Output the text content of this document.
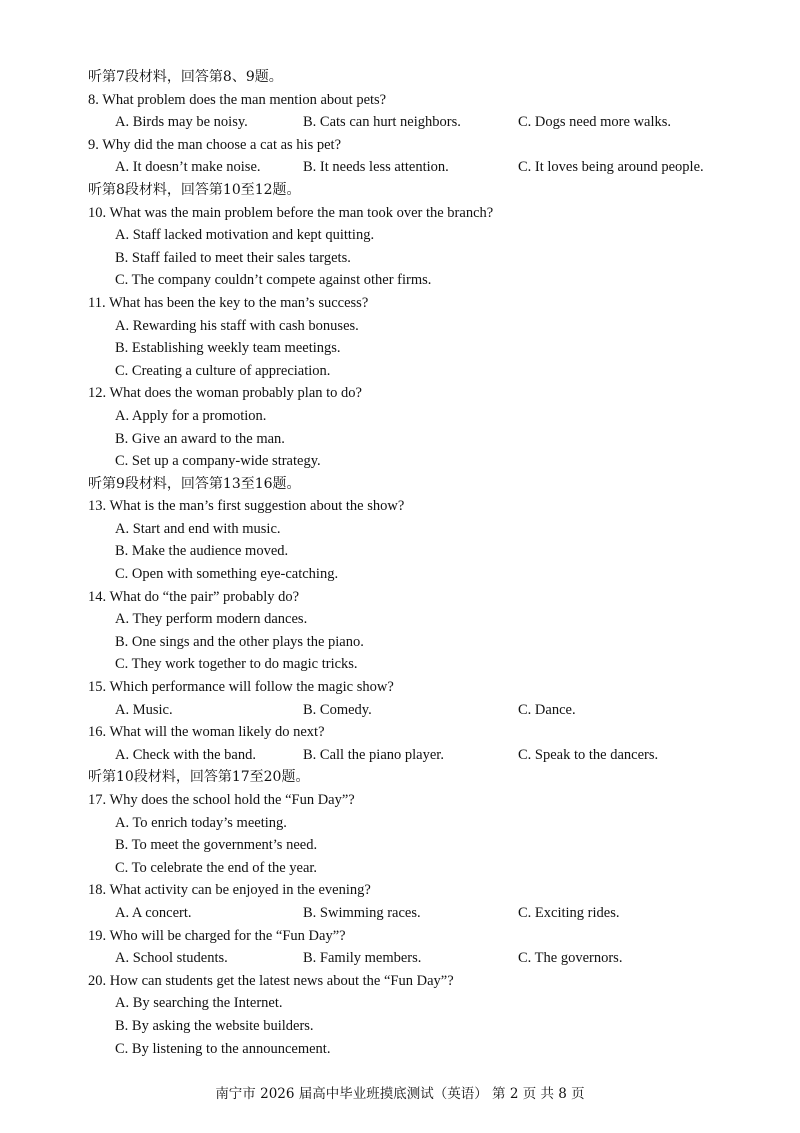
听第7段材料，回答第8、9题。
8. What problem does the man mention about pets?
A. Birds may be noisy.	B. Cats can hurt neighbors.	C. Dogs need more walks.
9. Why did the man choose a cat as his pet?
A. It doesn’t make noise.	B. It needs less attention.	C. It loves being around people.
听第8段材料，回答第10至12题。
10. What was the main problem before the man took over the branch?
A. Staff lacked motivation and kept quitting.
B. Staff failed to meet their sales targets.
C. The company couldn’t compete against other firms.
11. What has been the key to the man’s success?
A. Rewarding his staff with cash bonuses.
B. Establishing weekly team meetings.
C. Creating a culture of appreciation.
12. What does the woman probably plan to do?
A. Apply for a promotion.
B. Give an award to the man.
C. Set up a company-wide strategy.
听第9段材料，回答第13至16题。
13. What is the man’s first suggestion about the show?
A. Start and end with music.
B. Make the audience moved.
C. Open with something eye-catching.
14. What do “the pair” probably do?
A. They perform modern dances.
B. One sings and the other plays the piano.
C. They work together to do magic tricks.
15. Which performance will follow the magic show?
A. Music.	B. Comedy.	C. Dance.
16. What will the woman likely do next?
A. Check with the band.	B. Call the piano player.	C. Speak to the dancers.
听第10段材料，回答第17至20题。
17. Why does the school hold the “Fun Day”?
A. To enrich today’s meeting.
B. To meet the government’s need.
C. To celebrate the end of the year.
18. What activity can be enjoyed in the evening?
A. A concert.	B. Swimming races.	C. Exciting rides.
19. Who will be charged for the “Fun Day”?
A. School students.	B. Family members.	C. The governors.
20. How can students get the latest news about the “Fun Day”?
A. By searching the Internet.
B. By asking the website builders.
C. By listening to the announcement.
南宁市 2026 届高中毕业班摸底测试（英语） 第 2 页 共 8 页
